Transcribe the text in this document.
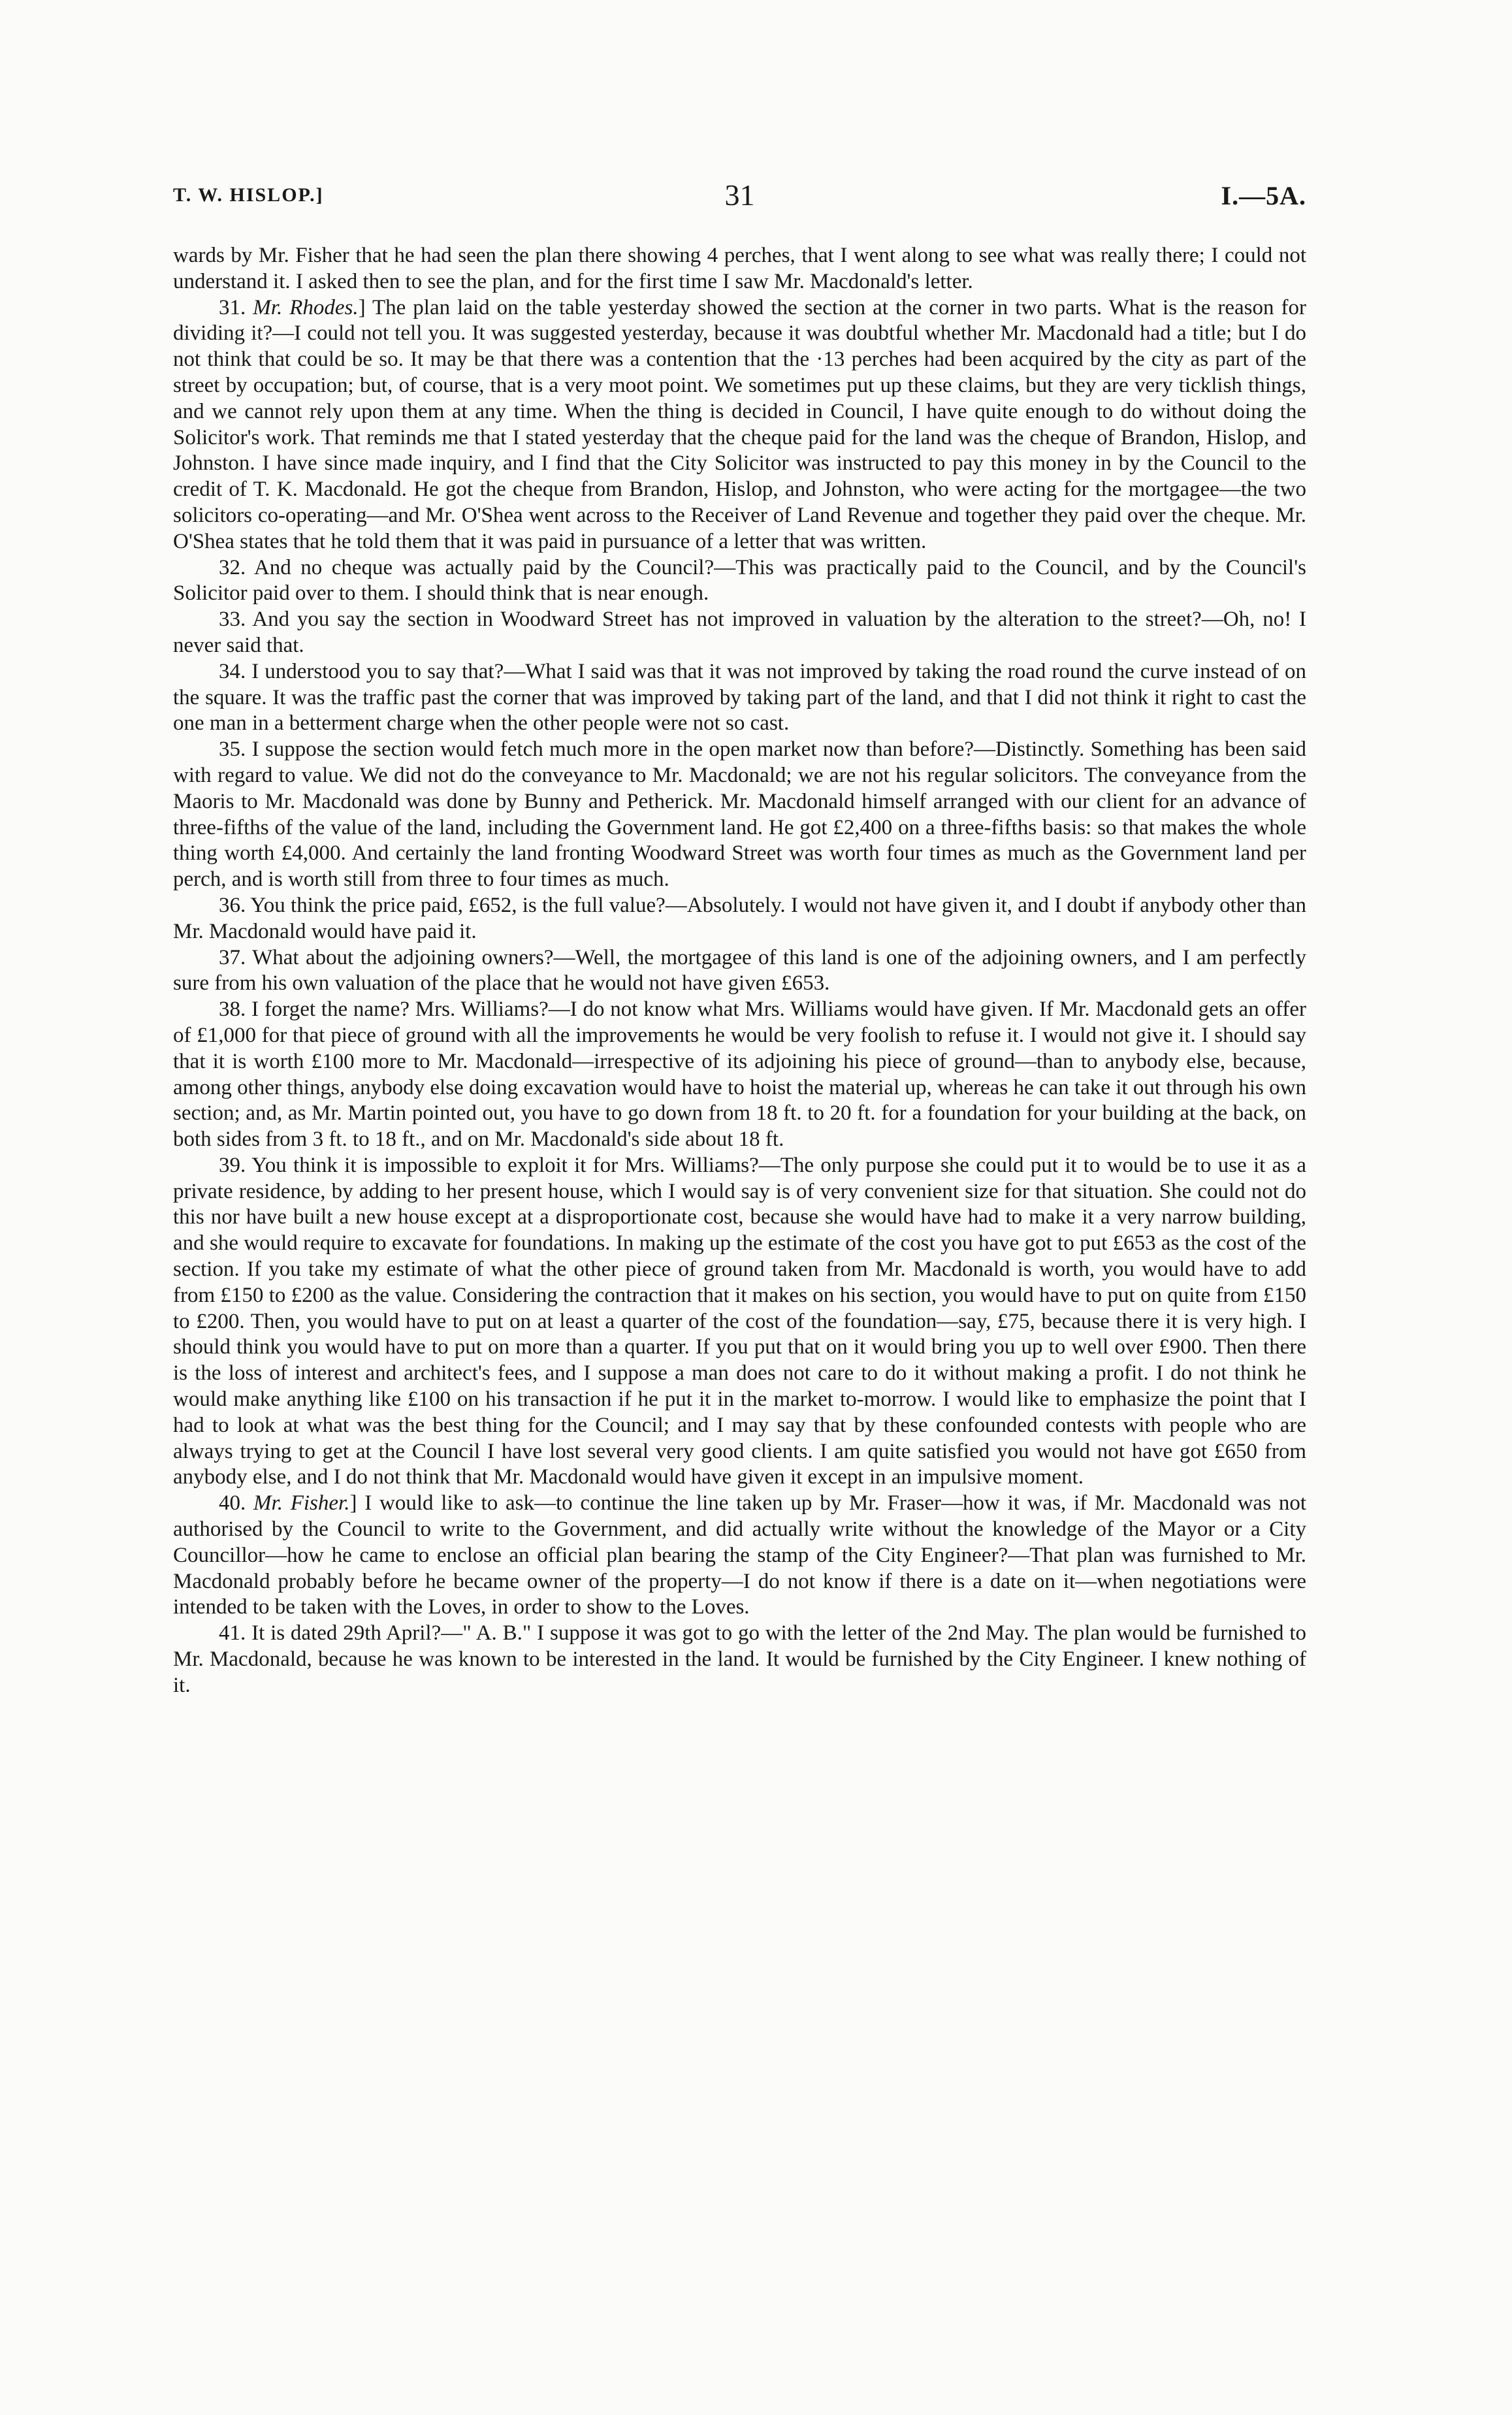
T. W. HISLOP.]	31	I.—5A.

wards by Mr. Fisher that he had seen the plan there showing 4 perches, that I went along to see what was really there; I could not understand it. I asked then to see the plan, and for the first time I saw Mr. Macdonald's letter.

31. Mr. Rhodes.] The plan laid on the table yesterday showed the section at the corner in two parts. What is the reason for dividing it?—I could not tell you. It was suggested yesterday, because it was doubtful whether Mr. Macdonald had a title; but I do not think that could be so. It may be that there was a contention that the ·13 perches had been acquired by the city as part of the street by occupation; but, of course, that is a very moot point. We sometimes put up these claims, but they are very ticklish things, and we cannot rely upon them at any time. When the thing is decided in Council, I have quite enough to do without doing the Solicitor's work. That reminds me that I stated yesterday that the cheque paid for the land was the cheque of Brandon, Hislop, and Johnston. I have since made inquiry, and I find that the City Solicitor was instructed to pay this money in by the Council to the credit of T. K. Macdonald. He got the cheque from Brandon, Hislop, and Johnston, who were acting for the mortgagee—the two solicitors co-operating—and Mr. O'Shea went across to the Receiver of Land Revenue and together they paid over the cheque. Mr. O'Shea states that he told them that it was paid in pursuance of a letter that was written.

32. And no cheque was actually paid by the Council?—This was practically paid to the Council, and by the Council's Solicitor paid over to them. I should think that is near enough.

33. And you say the section in Woodward Street has not improved in valuation by the alteration to the street?—Oh, no! I never said that.

34. I understood you to say that?—What I said was that it was not improved by taking the road round the curve instead of on the square. It was the traffic past the corner that was improved by taking part of the land, and that I did not think it right to cast the one man in a betterment charge when the other people were not so cast.

35. I suppose the section would fetch much more in the open market now than before?—Distinctly. Something has been said with regard to value. We did not do the conveyance to Mr. Macdonald; we are not his regular solicitors. The conveyance from the Maoris to Mr. Macdonald was done by Bunny and Petherick. Mr. Macdonald himself arranged with our client for an advance of three-fifths of the value of the land, including the Government land. He got £2,400 on a three-fifths basis: so that makes the whole thing worth £4,000. And certainly the land fronting Woodward Street was worth four times as much as the Government land per perch, and is worth still from three to four times as much.

36. You think the price paid, £652, is the full value?—Absolutely. I would not have given it, and I doubt if anybody other than Mr. Macdonald would have paid it.

37. What about the adjoining owners?—Well, the mortgagee of this land is one of the adjoining owners, and I am perfectly sure from his own valuation of the place that he would not have given £653.

38. I forget the name? Mrs. Williams?—I do not know what Mrs. Williams would have given. If Mr. Macdonald gets an offer of £1,000 for that piece of ground with all the improvements he would be very foolish to refuse it. I would not give it. I should say that it is worth £100 more to Mr. Macdonald—irrespective of its adjoining his piece of ground—than to anybody else, because, among other things, anybody else doing excavation would have to hoist the material up, whereas he can take it out through his own section; and, as Mr. Martin pointed out, you have to go down from 18 ft. to 20 ft. for a foundation for your building at the back, on both sides from 3 ft. to 18 ft., and on Mr. Macdonald's side about 18 ft.

39. You think it is impossible to exploit it for Mrs. Williams?—The only purpose she could put it to would be to use it as a private residence, by adding to her present house, which I would say is of very convenient size for that situation. She could not do this nor have built a new house except at a disproportionate cost, because she would have had to make it a very narrow building, and she would require to excavate for foundations. In making up the estimate of the cost you have got to put £653 as the cost of the section. If you take my estimate of what the other piece of ground taken from Mr. Macdonald is worth, you would have to add from £150 to £200 as the value. Considering the contraction that it makes on his section, you would have to put on quite from £150 to £200. Then, you would have to put on at least a quarter of the cost of the foundation—say, £75, because there it is very high. I should think you would have to put on more than a quarter. If you put that on it would bring you up to well over £900. Then there is the loss of interest and architect's fees, and I suppose a man does not care to do it without making a profit. I do not think he would make anything like £100 on his transaction if he put it in the market to-morrow. I would like to emphasize the point that I had to look at what was the best thing for the Council; and I may say that by these confounded contests with people who are always trying to get at the Council I have lost several very good clients. I am quite satisfied you would not have got £650 from anybody else, and I do not think that Mr. Macdonald would have given it except in an impulsive moment.

40. Mr. Fisher.] I would like to ask—to continue the line taken up by Mr. Fraser—how it was, if Mr. Macdonald was not authorised by the Council to write to the Government, and did actually write without the knowledge of the Mayor or a City Councillor—how he came to enclose an official plan bearing the stamp of the City Engineer?—That plan was furnished to Mr. Macdonald probably before he became owner of the property—I do not know if there is a date on it—when negotiations were intended to be taken with the Loves, in order to show to the Loves.

41. It is dated 29th April?—" A. B." I suppose it was got to go with the letter of the 2nd May. The plan would be furnished to Mr. Macdonald, because he was known to be interested in the land. It would be furnished by the City Engineer. I knew nothing of it.
